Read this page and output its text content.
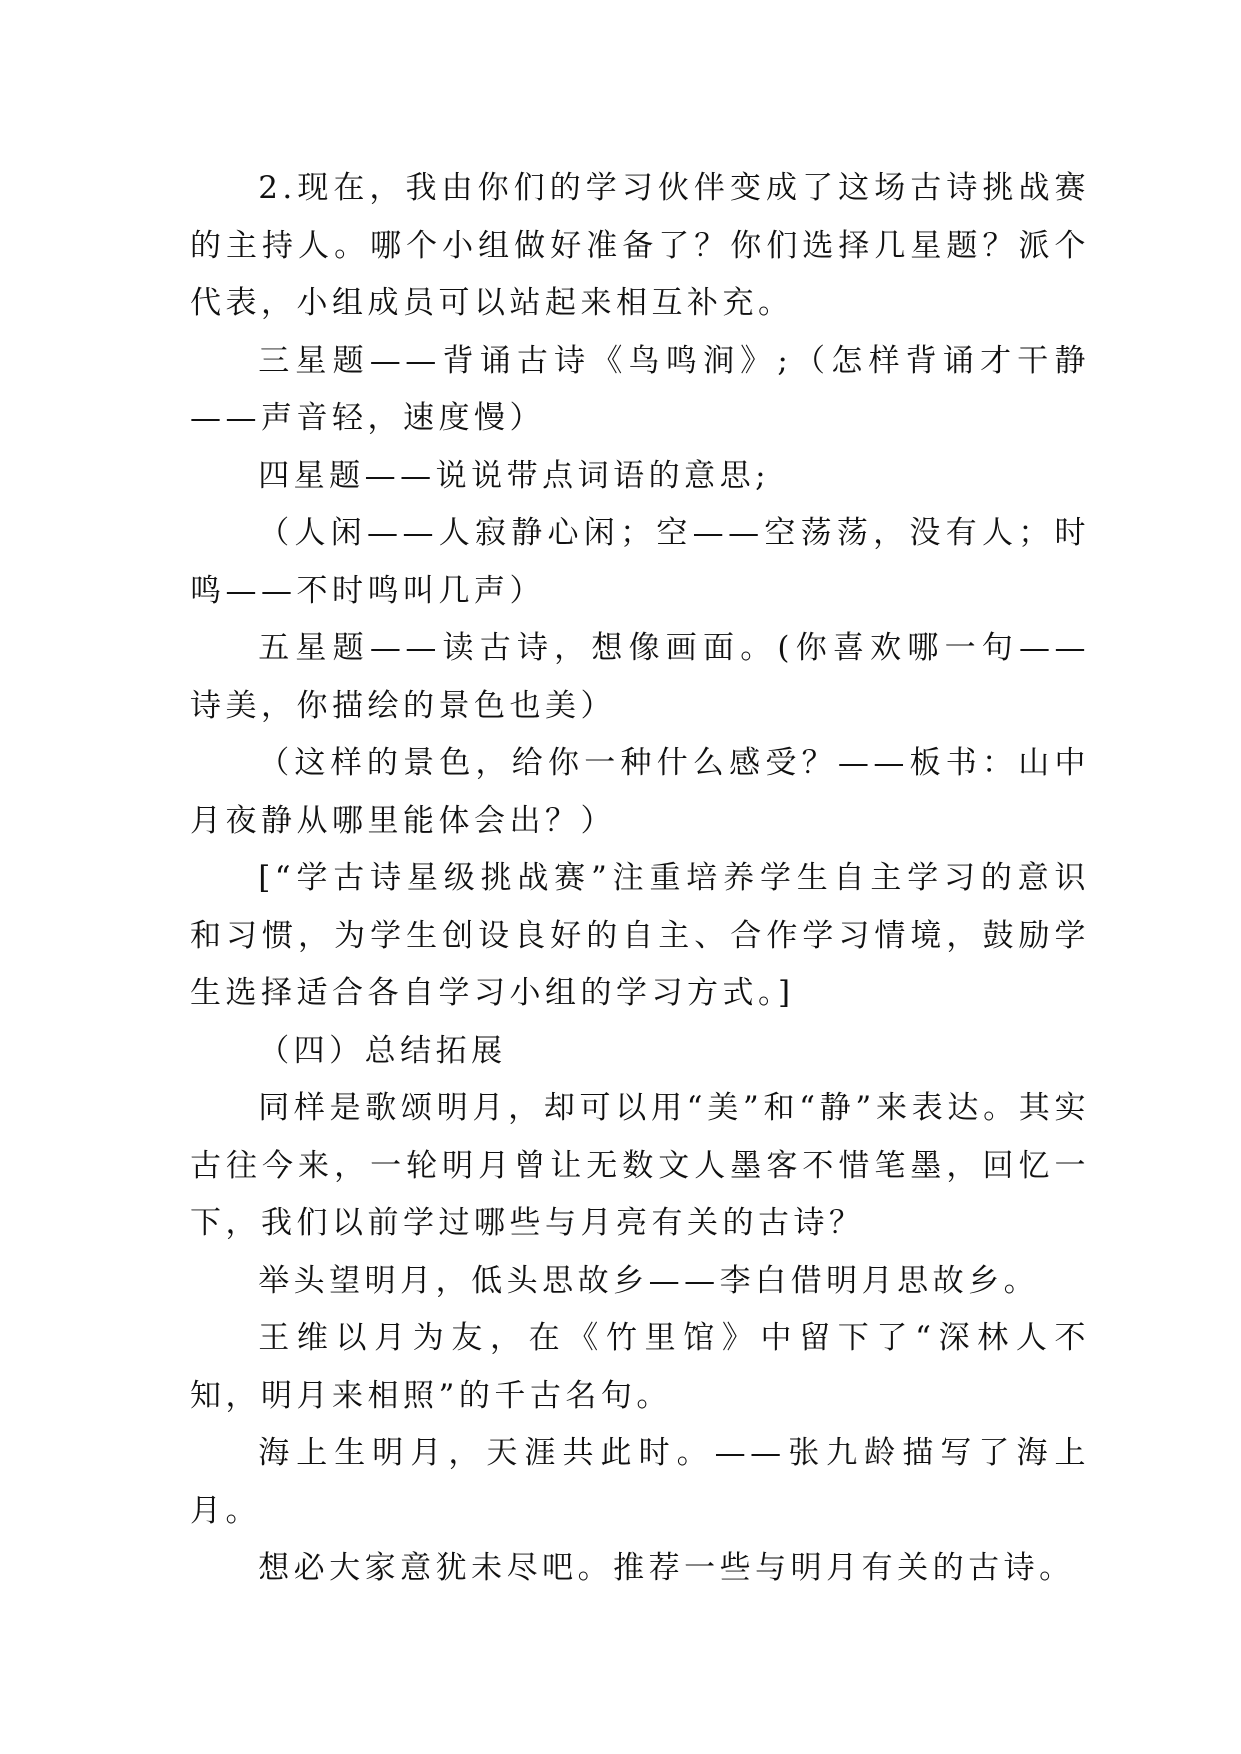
2.现在，我由你们的学习伙伴变成了这场古诗挑战赛的主持人。哪个小组做好准备了？你们选择几星题？派个代表，小组成员可以站起来相互补充。

三星题——背诵古诗《鸟鸣涧》;（怎样背诵才干静——声音轻，速度慢）

四星题——说说带点词语的意思;

（人闲——人寂静心闲；空——空荡荡，没有人；时鸣——不时鸣叫几声）

五星题——读古诗，想像画面。(你喜欢哪一句——诗美，你描绘的景色也美）

（这样的景色，给你一种什么感受？——板书：山中月夜静从哪里能体会出？）

[“学古诗星级挑战赛”注重培养学生自主学习的意识和习惯，为学生创设良好的自主、合作学习情境，鼓励学生选择适合各自学习小组的学习方式。]

（四）总结拓展

同样是歌颂明月，却可以用“美”和“静”来表达。其实古往今来，一轮明月曾让无数文人墨客不惜笔墨，回忆一下，我们以前学过哪些与月亮有关的古诗？

举头望明月，低头思故乡——李白借明月思故乡。

王维以月为友，在《竹里馆》中留下了“深林人不知，明月来相照”的千古名句。

海上生明月，天涯共此时。——张九龄描写了海上月。

想必大家意犹未尽吧。推荐一些与明月有关的古诗。
